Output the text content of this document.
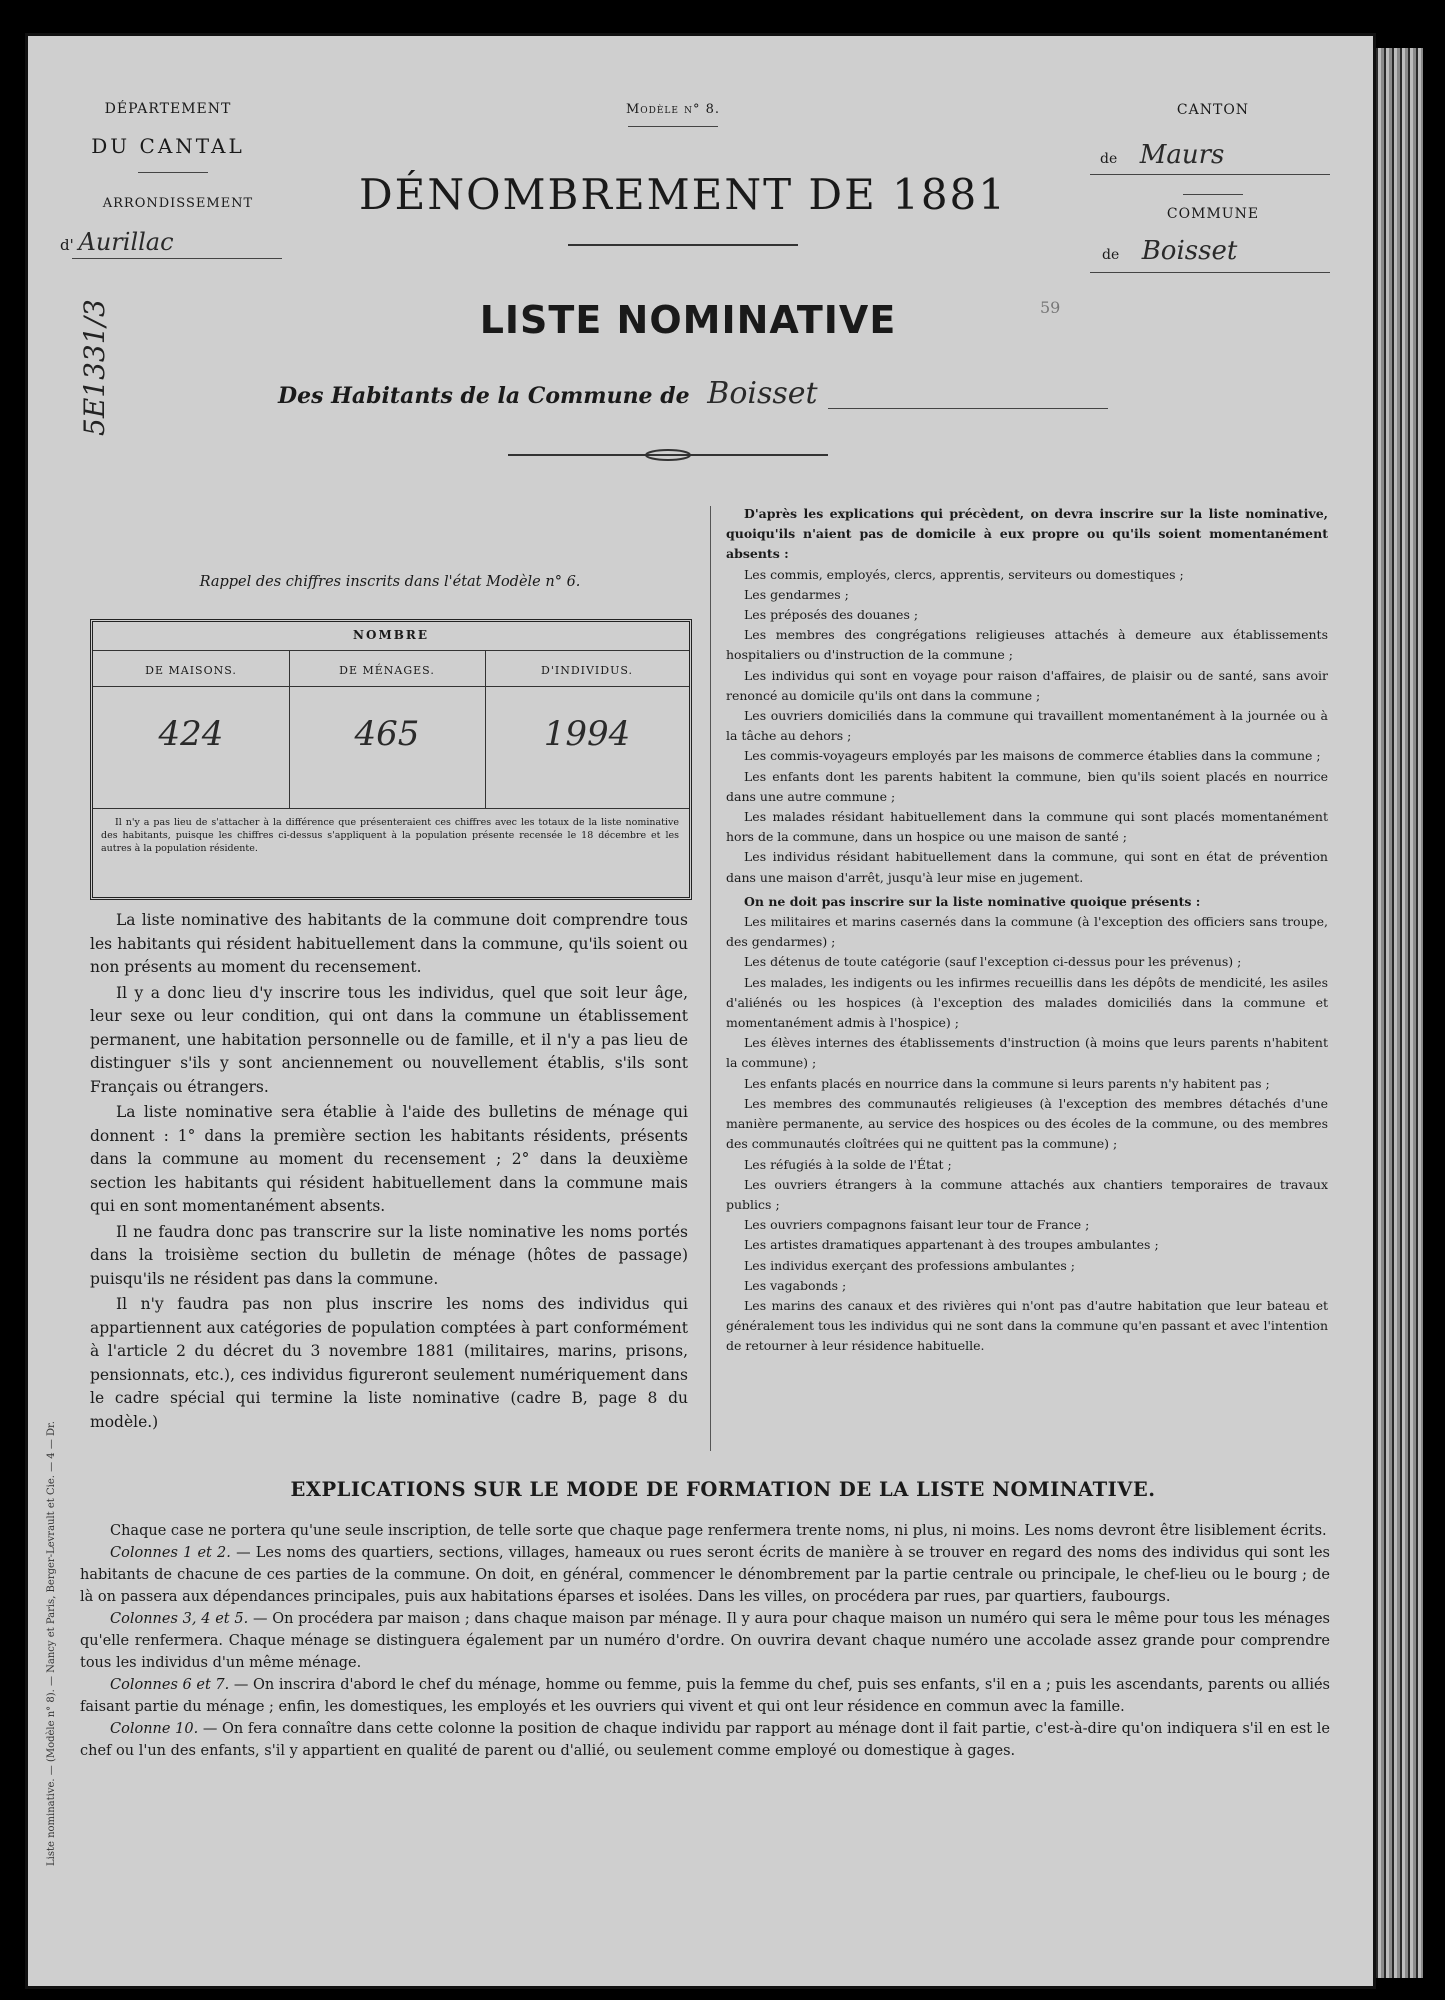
DÉPARTEMENT
DU CANTAL
ARRONDISSEMENT
d' Aurillac
Modèle n° 8.
DÉNOMBREMENT DE 1881
CANTON
de Maurs
COMMUNE
de Boisset
59
5E1331/3	LISTE NOMINATIVE
Des Habitants de la Commune de Boisset
Rappel des chiffres inscrits dans l'état Modèle n° 6.
NOMBRE
DE MAISONS.	DE MÉNAGES.	D'INDIVIDUS.
424	465	1994
Il n'y a pas lieu de s'attacher à la différence que présenteraient ces chiffres avec les totaux de la liste nominative des habitants, puisque les chiffres ci-dessus s'appliquent à la population présente recensée le 18 décembre et les autres à la population résidente.

La liste nominative des habitants de la commune doit comprendre tous les habitants qui résident habituellement dans la commune, qu'ils soient ou non présents au moment du recensement.

Il y a donc lieu d'y inscrire tous les individus, quel que soit leur âge, leur sexe ou leur condition, qui ont dans la commune un établissement permanent, une habitation personnelle ou de famille, et il n'y a pas lieu de distinguer s'ils y sont anciennement ou nouvellement établis, s'ils sont Français ou étrangers.

La liste nominative sera établie à l'aide des bulletins de ménage qui donnent : 1° dans la première section les habitants résidents, présents dans la commune au moment du recensement ; 2° dans la deuxième section les habitants qui résident habituellement dans la commune mais qui en sont momentanément absents.

Il ne faudra donc pas transcrire sur la liste nominative les noms portés dans la troisième section du bulletin de ménage (hôtes de passage) puisqu'ils ne résident pas dans la commune.

Il n'y faudra pas non plus inscrire les noms des individus qui appartiennent aux catégories de population comptées à part conformément à l'article 2 du décret du 3 novembre 1881 (militaires, marins, prisons, pensionnats, etc.), ces individus figureront seulement numériquement dans le cadre spécial qui termine la liste nominative (cadre B, page 8 du modèle.)

D'après les explications qui précèdent, on devra inscrire sur la liste nominative, quoiqu'ils n'aient pas de domicile à eux propre ou qu'ils soient momentanément absents :
Les commis, employés, clercs, apprentis, serviteurs ou domestiques ;
Les gendarmes ;
Les préposés des douanes ;
Les membres des congrégations religieuses attachés à demeure aux établissements hospitaliers ou d'instruction de la commune ;
Les individus qui sont en voyage pour raison d'affaires, de plaisir ou de santé, sans avoir renoncé au domicile qu'ils ont dans la commune ;
Les ouvriers domiciliés dans la commune qui travaillent momentanément à la journée ou à la tâche au dehors ;
Les commis-voyageurs employés par les maisons de commerce établies dans la commune ;
Les enfants dont les parents habitent la commune, bien qu'ils soient placés en nourrice dans une autre commune ;
Les malades résidant habituellement dans la commune qui sont placés momentanément hors de la commune, dans un hospice ou une maison de santé ;
Les individus résidant habituellement dans la commune, qui sont en état de prévention dans une maison d'arrêt, jusqu'à leur mise en jugement.
On ne doit pas inscrire sur la liste nominative quoique présents :
Les militaires et marins casernés dans la commune (à l'exception des officiers sans troupe, des gendarmes) ;
Les détenus de toute catégorie (sauf l'exception ci-dessus pour les prévenus) ;
Les malades, les indigents ou les infirmes recueillis dans les dépôts de mendicité, les asiles d'aliénés ou les hospices (à l'exception des malades domiciliés dans la commune et momentanément admis à l'hospice) ;
Les élèves internes des établissements d'instruction (à moins que leurs parents n'habitent la commune) ;
Les enfants placés en nourrice dans la commune si leurs parents n'y habitent pas ;
Les membres des communautés religieuses (à l'exception des membres détachés d'une manière permanente, au service des hospices ou des écoles de la commune, ou des membres des communautés cloîtrées qui ne quittent pas la commune) ;
Les réfugiés à la solde de l'État ;
Les ouvriers étrangers à la commune attachés aux chantiers temporaires de travaux publics ;
Les ouvriers compagnons faisant leur tour de France ;
Les artistes dramatiques appartenant à des troupes ambulantes ;
Les individus exerçant des professions ambulantes ;
Les vagabonds ;
Les marins des canaux et des rivières qui n'ont pas d'autre habitation que leur bateau et généralement tous les individus qui ne sont dans la commune qu'en passant et avec l'intention de retourner à leur résidence habituelle.
EXPLICATIONS SUR LE MODE DE FORMATION DE LA LISTE NOMINATIVE.

Chaque case ne portera qu'une seule inscription, de telle sorte que chaque page renfermera trente noms, ni plus, ni moins. Les noms devront être lisiblement écrits.

Colonnes 1 et 2. — Les noms des quartiers, sections, villages, hameaux ou rues seront écrits de manière à se trouver en regard des noms des individus qui sont les habitants de chacune de ces parties de la commune. On doit, en général, commencer le dénombrement par la partie centrale ou principale, le chef-lieu ou le bourg ; de là on passera aux dépendances principales, puis aux habitations éparses et isolées. Dans les villes, on procédera par rues, par quartiers, faubourgs.

Colonnes 3, 4 et 5. — On procédera par maison ; dans chaque maison par ménage. Il y aura pour chaque maison un numéro qui sera le même pour tous les ménages qu'elle renfermera. Chaque ménage se distinguera également par un numéro d'ordre. On ouvrira devant chaque numéro une accolade assez grande pour comprendre tous les individus d'un même ménage.

Colonnes 6 et 7. — On inscrira d'abord le chef du ménage, homme ou femme, puis la femme du chef, puis ses enfants, s'il en a ; puis les ascendants, parents ou alliés faisant partie du ménage ; enfin, les domestiques, les employés et les ouvriers qui vivent et qui ont leur résidence en commun avec la famille.

Colonne 10. — On fera connaître dans cette colonne la position de chaque individu par rapport au ménage dont il fait partie, c'est-à-dire qu'on indiquera s'il en est le chef ou l'un des enfants, s'il y appartient en qualité de parent ou d'allié, ou seulement comme employé ou domestique à gages.

Liste nominative. — (Modèle n° 8). — Nancy et Paris, Berger-Levrault et Cie. — 4 — Dr.
